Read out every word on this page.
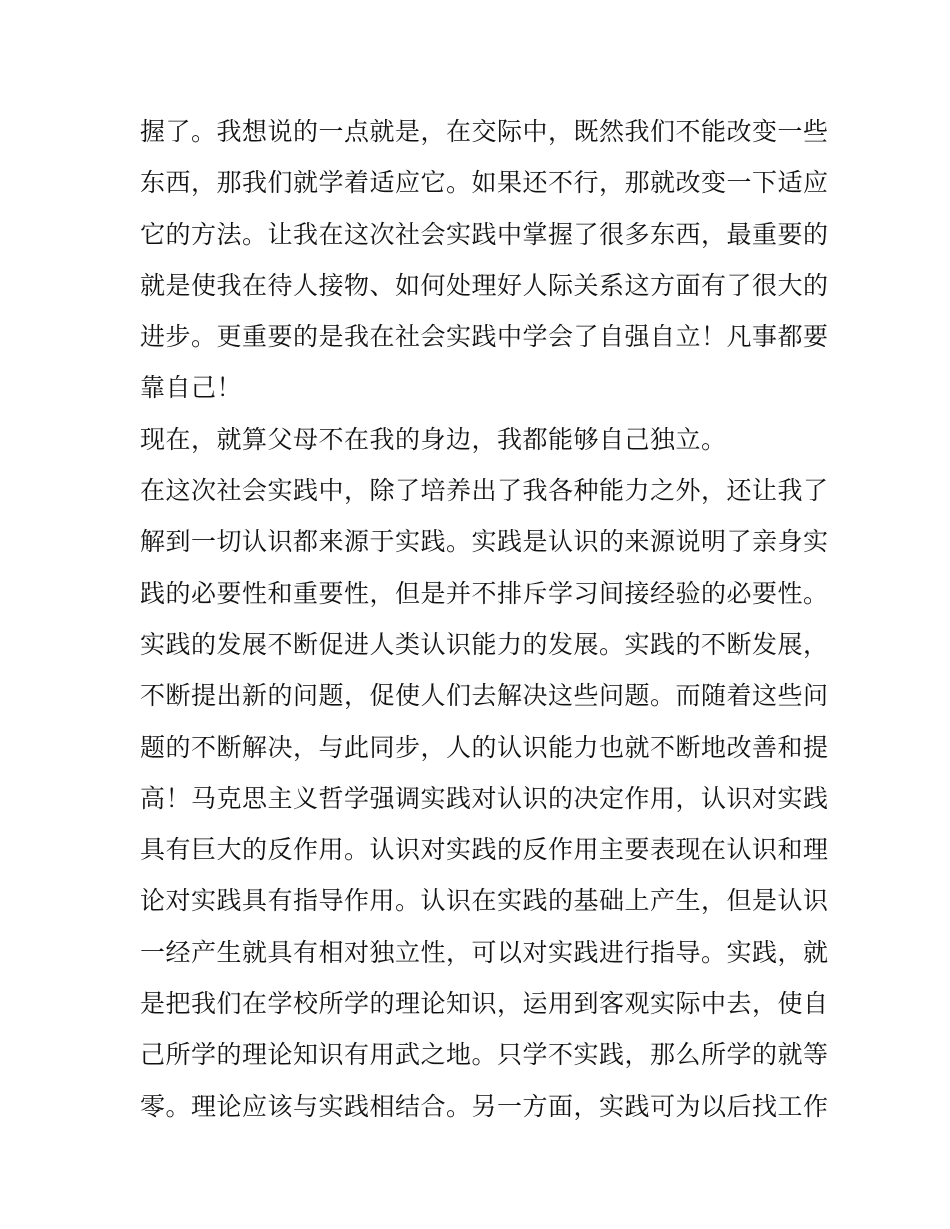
握了。我想说的一点就是，在交际中，既然我们不能改变一些
东西，那我们就学着适应它。如果还不行，那就改变一下适应
它的方法。让我在这次社会实践中掌握了很多东西，最重要的
就是使我在待人接物、如何处理好人际关系这方面有了很大的
进步。更重要的是我在社会实践中学会了自强自立！凡事都要
靠自己！
现在，就算父母不在我的身边，我都能够自己独立。
在这次社会实践中，除了培养出了我各种能力之外，还让我了
解到一切认识都来源于实践。实践是认识的来源说明了亲身实
践的必要性和重要性，但是并不排斥学习间接经验的必要性。
实践的发展不断促进人类认识能力的发展。实践的不断发展，
不断提出新的问题，促使人们去解决这些问题。而随着这些问
题的不断解决，与此同步，人的认识能力也就不断地改善和提
高！马克思主义哲学强调实践对认识的决定作用，认识对实践
具有巨大的反作用。认识对实践的反作用主要表现在认识和理
论对实践具有指导作用。认识在实践的基础上产生，但是认识
一经产生就具有相对独立性，可以对实践进行指导。实践，就
是把我们在学校所学的理论知识，运用到客观实际中去，使自
己所学的理论知识有用武之地。只学不实践，那么所学的就等
零。理论应该与实践相结合。另一方面，实践可为以后找工作
